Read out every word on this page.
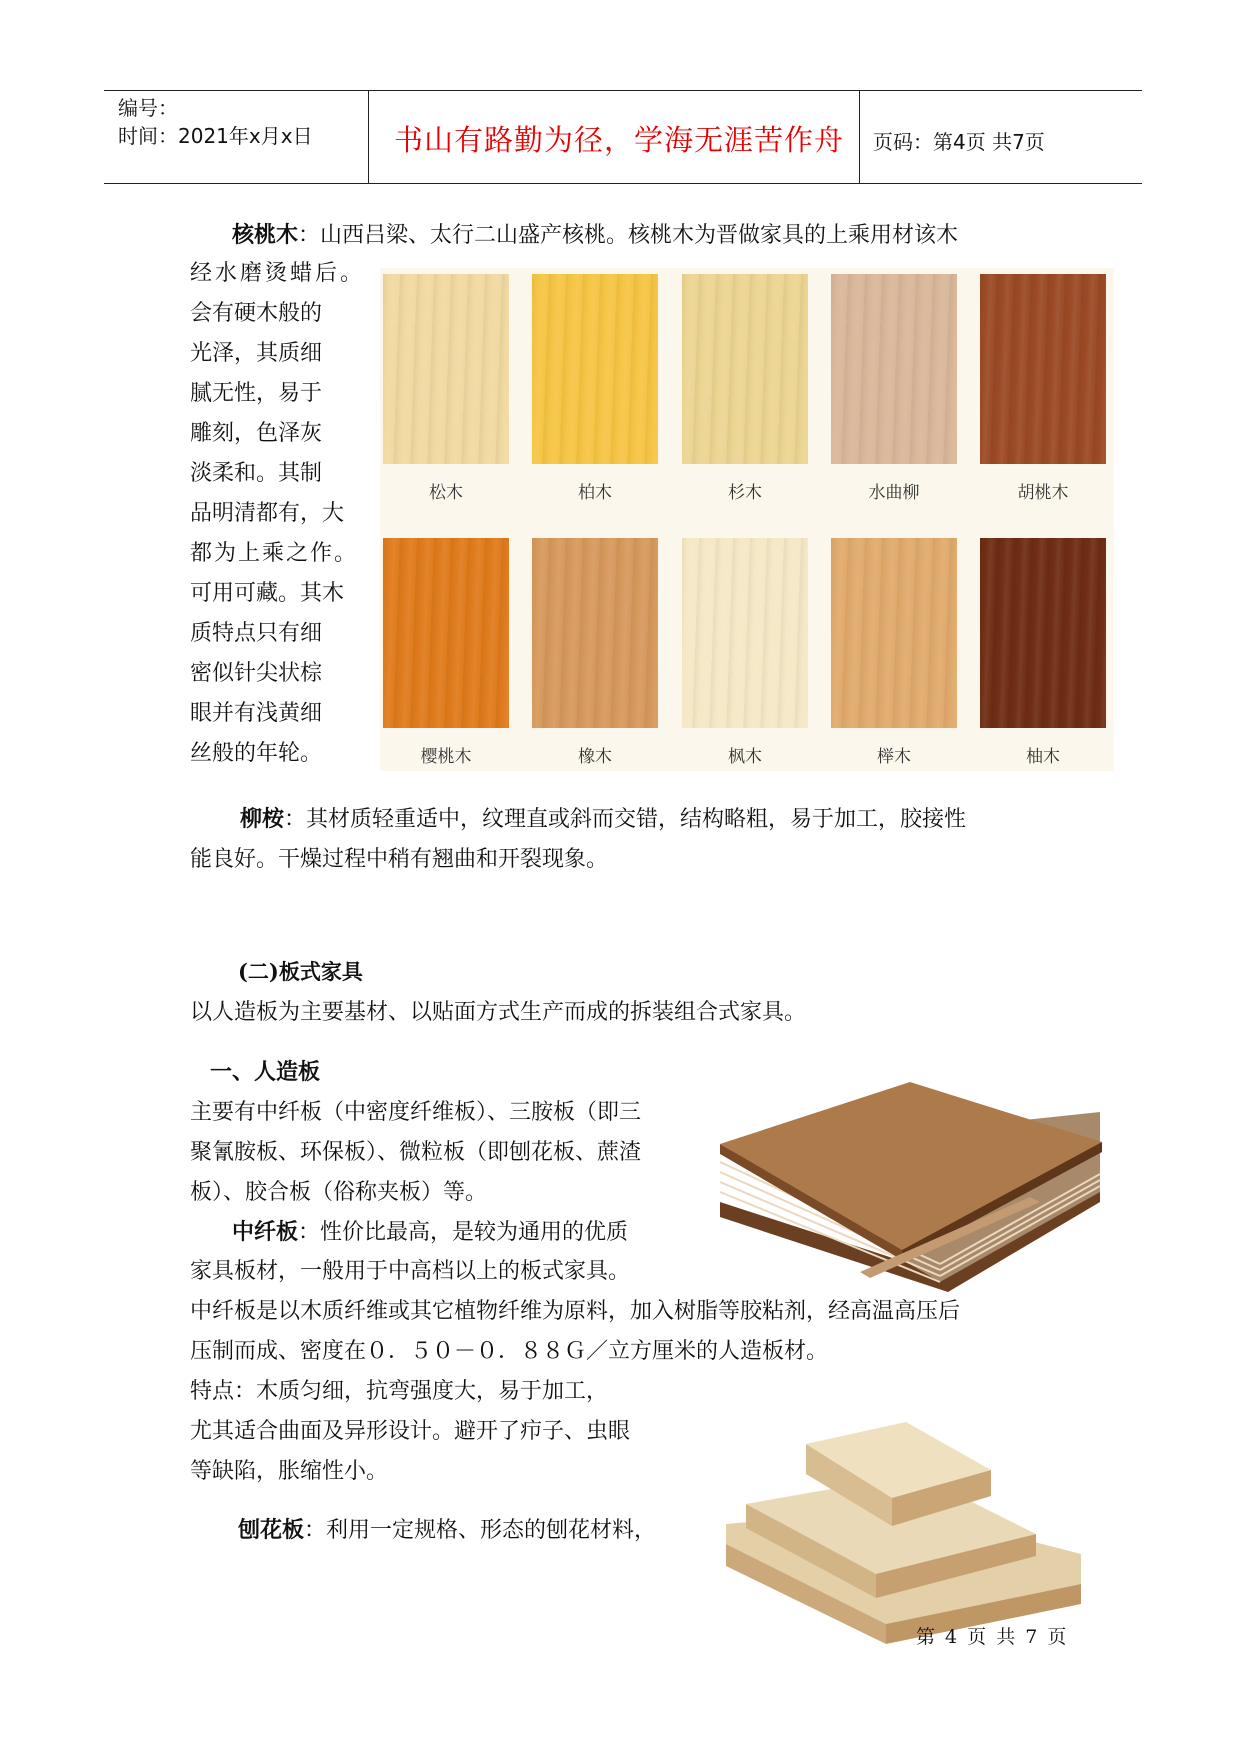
编号：
时间：2021年x月x日	书山有路勤为径，学海无涯苦作舟 页码：第4页 共7页
核桃木：山西吕梁、太行二山盛产核桃。核桃木为晋做家具的上乘用材该木
经水磨烫蜡后。
会有硬木般的
光泽，其质细
腻无性，易于
雕刻，色泽灰
淡柔和。其制
品明清都有，大
都为上乘之作。
可用可藏。其木
质特点只有细
密似针尖状棕
眼并有浅黄细
丝般的年轮。
松木	柏木	杉木	水曲柳	胡桃木
樱桃木	橡木	枫木	榉木	柚木
柳桉：其材质轻重适中，纹理直或斜而交错，结构略粗，易于加工，胶接性
能良好。干燥过程中稍有翘曲和开裂现象。
(二)板式家具
以人造板为主要基材、以贴面方式生产而成的拆装组合式家具。
一、人造板
主要有中纤板（中密度纤维板）、三胺板（即三
聚氰胺板、环保板）、微粒板（即刨花板、蔗渣
板）、胶合板（俗称夹板）等。
中纤板：性价比最高，是较为通用的优质
家具板材，一般用于中高档以上的板式家具。
中纤板是以木质纤维或其它植物纤维为原料，加入树脂等胶粘剂，经高温高压后
压制而成、密度在０．５０－０．８８Ｇ／立方厘米的人造板材。
特点：木质匀细，抗弯强度大，易于加工，
尤其适合曲面及异形设计。避开了疖子、虫眼
等缺陷，胀缩性小。
刨花板：利用一定规格、形态的刨花材料，
第 4 页 共 7 页
